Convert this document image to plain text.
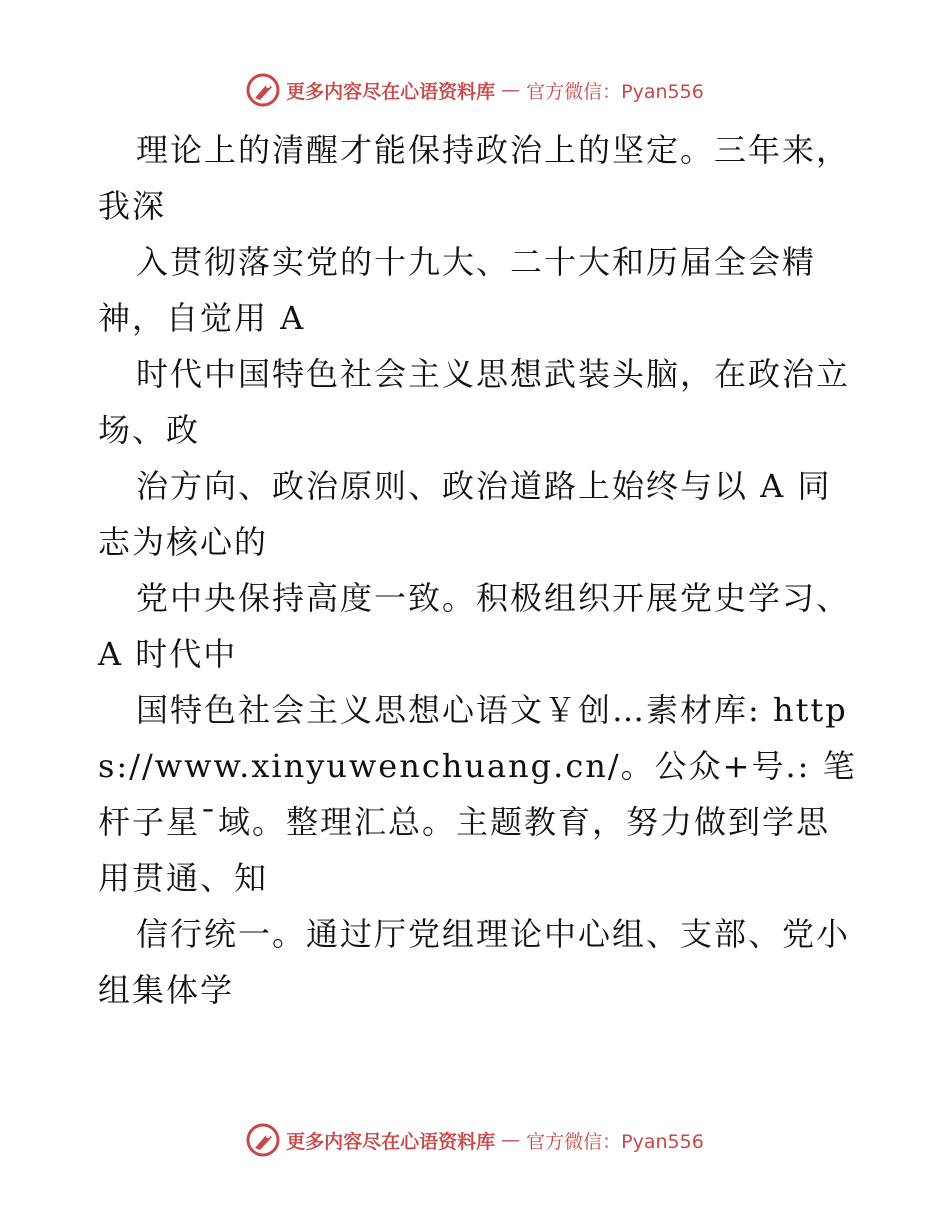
更多内容尽在心语资料库 — 官方微信：Pyan556

理论上的清醒才能保持政治上的坚定。三年来，我深

入贯彻落实党的十九大、二十大和历届全会精神，自觉用 A

时代中国特色社会主义思想武装头脑，在政治立场、政

治方向、政治原则、政治道路上始终与以 A 同志为核心的

党中央保持高度一致。积极组织开展党史学习、A 时代中

国特色社会主义思想心语文￥创…素材库: https://www.xinyuwenchuang.cn/。公众+号.: 笔杆子星¯域。整理汇总。主题教育，努力做到学思用贯通、知

信行统一。通过厅党组理论中心组、支部、党小组集体学

更多内容尽在心语资料库 — 官方微信：Pyan556
